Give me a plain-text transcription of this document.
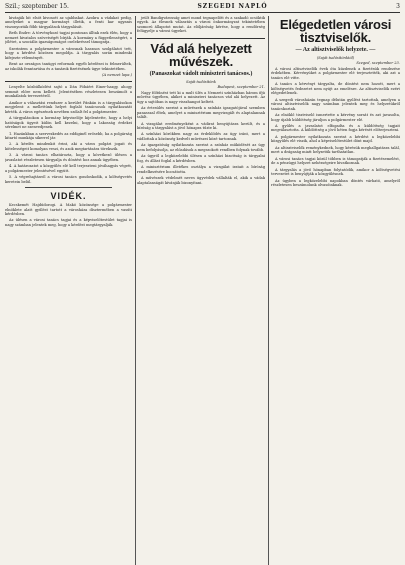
Szil.; szeptember 15.	SZEGEDI NAPLÓ	3

kivánják hit elsöt kivonott az ujabbakat. Azokra a vádakat pedig, amelyeket a magyar kormányt illetik, a fenti kar ugyanis viszonyozták főbb tárgyalások tárgyalását.

Beth Endre: A törvényhozó tagjai pontosan álltak ezek élén, hogy a nemzet hivatalos szövetségét bírják. A kormány a függetlenségért, a jólétet, a szociális igazságosságot cselekvéssel támogatja.

Szerintem a polgármester a városnak hasznos szolgálatot tett, hogy a kérdést közösen megoldja. A tárgyalás során mindenki kifejezte véleményét.

Bent az országos tanügyi reformok egyéb kérdései is felmerültek, az iskolák fenntartása és a tanárok fizetésének ügye tekintetében.

(A nemzet lapa.)

Lenyelte közbülködést sajtó a Dán Fóbáért Einer-hazgy, ahogy semmit előre nem kellett. Jelentésében részletesen beszámolt a munkálatok tervezetéről.

Amikor a választási rendszer a kerület Pánkán is a tárgyalásokon megjelent: a mellettünk helyet foglaló tanácsosok nyilatkozatát kérték. A város egészének nevében szólalt fel a polgármester.

A tárgyalásokon a kormány képviselője kijelentette, hogy a helyi hatóságok ügyeit külön kell kezelni, hogy a lakosság érdekei sérelmet ne szenvedjenek.

1. Hazánkban a szervezkedés az eddiginél erősebb, ha a polgárság kitartó munkája sikerrel jár.

2. A kérdés mindenkit érint, aki a város polgári jogait és kötelességeit komolyan veszi, és azok megtartására törekszik.

3. A városi tanács elhatározta, hogy a következő ülésen a javaslatot részletesen tárgyalja és döntést hoz annak ügyében.

4. A határozatot a közgyűlés elé kell terjeszteni jóváhagyás végett, a polgármester jelentésével együtt.

5. A végrehajtásról a városi tanács gondoskodik, a költségvetés keretein belül.

VIDÉK.

Kecskemét Hajdúdorogi. A Makó közönsége a polgármester elnöklete alatt gyűlést tartott a városháza dísztermében a vasúti kérdésben.

Az ülésen a városi tanács tagjai és a képviselőtestület tagjai is nagy számban jelentek meg, hogy a kérdést megtárgyalják.

jeült Bandigvárosság amet mond tegnapelőtt és a szakadó ocsöktik egyek. Az élesnek választás a városi önkormányzat tekintetében szomorú állapotot mutat. Az elöljáróság kérése, hogy a rendőrség felügyelje a városi ügyeket.

Vád alá helyezett művészek.
(Panaszokat vádolt miniszteri tanácsos.)
Saját tudósítónk
Budapest, szeptember 21.

Nagy föltűnést tett ki a mult ülés a Nemzeti színházban három ifjú művész ügyében, akiket a miniszteri tanácsos vád alá helyezett. Az ügy a sajtóban is nagy visszhangot keltett.

Az értesülés szerint a művészek a színház igazgatójával szemben panasszal éltek, amelyet a minisztérium megvizsgált és alaptalannak talált.

A vizsgálat eredményeként a vádirat benyújtásra került, és a bíróság a tárgyalást a jövő hónapra tűzte ki.

A színházi körökben nagy az érdeklődés az ügy iránt, mert a vádlottak a közönség kedvelt művészei közé tartoznak.

Az igazgatóság nyilatkozata szerint a színház működését az ügy nem befolyásolja, az előadások a megszokott rendben folynak tovább.

Az ügyről a legközelebbi ülésen a színházi bizottság is tárgyalni fog, és állást foglal a kérdésben.

A minisztérium illetékes osztálya a vizsgálat iratait a bíróság rendelkezésére bocsátotta.

A művészek védelmét neves ügyvédek vállalták el, akik a vádak alaptalanságát kívánják bizonyítani.

Elégedetlen városi tisztviselők.
— Az altisztviselők helyzete. —
(Saját tudósítónktól)
Szeged, szeptember 23.

A városi altisztviselők évek óta küzdenek a fizetésük rendezése érdekében. Kérvényüket a polgármester elé terjesztették, aki azt a tanács elé vitte.

A tanács a kérvényt tárgyalta, de döntést nem hozott, mert a költségvetés fedezetet nem nyújt az emelésre. Az altisztviselők ezért elégedetlenek.

A szegedi városházán tegnap délután gyűlést tartottak, amelyen a városi altisztviselők nagy számban jelentek meg és helyzetükről tanácskoztak.

Az elnöklő tisztviselő ismertette a kérvény sorsát és azt javasolta, hogy újabb küldöttség járuljon a polgármester elé.

A gyűlés a javaslatot elfogadta és a küldöttség tagjait megválasztotta. A küldöttség a jövő héten fogja kérését előterjeszteni.

A polgármester nyilatkozata szerint a kérdést a legközelebbi közgyűlés elé viszik, ahol a képviselőtestület dönt majd.

Az altisztviselők reménykednek, hogy kérésük meghallgatásra talál, mert a drágaság miatt helyzetük tarthatatlan.

A városi tanács tagjai közül többen is támogatják a fizetésemelést, de a pénzügyi helyzet nehézségeire hivatkoznak.

A tárgyalás a jövő hónapban folytatódik, amikor a költségvetési tervezetet is benyújtják a közgyűlésnek.

Az ügyben a legközelebbi napokban döntés várható, amelyről részletesen beszámolunk olvasóinknak.
